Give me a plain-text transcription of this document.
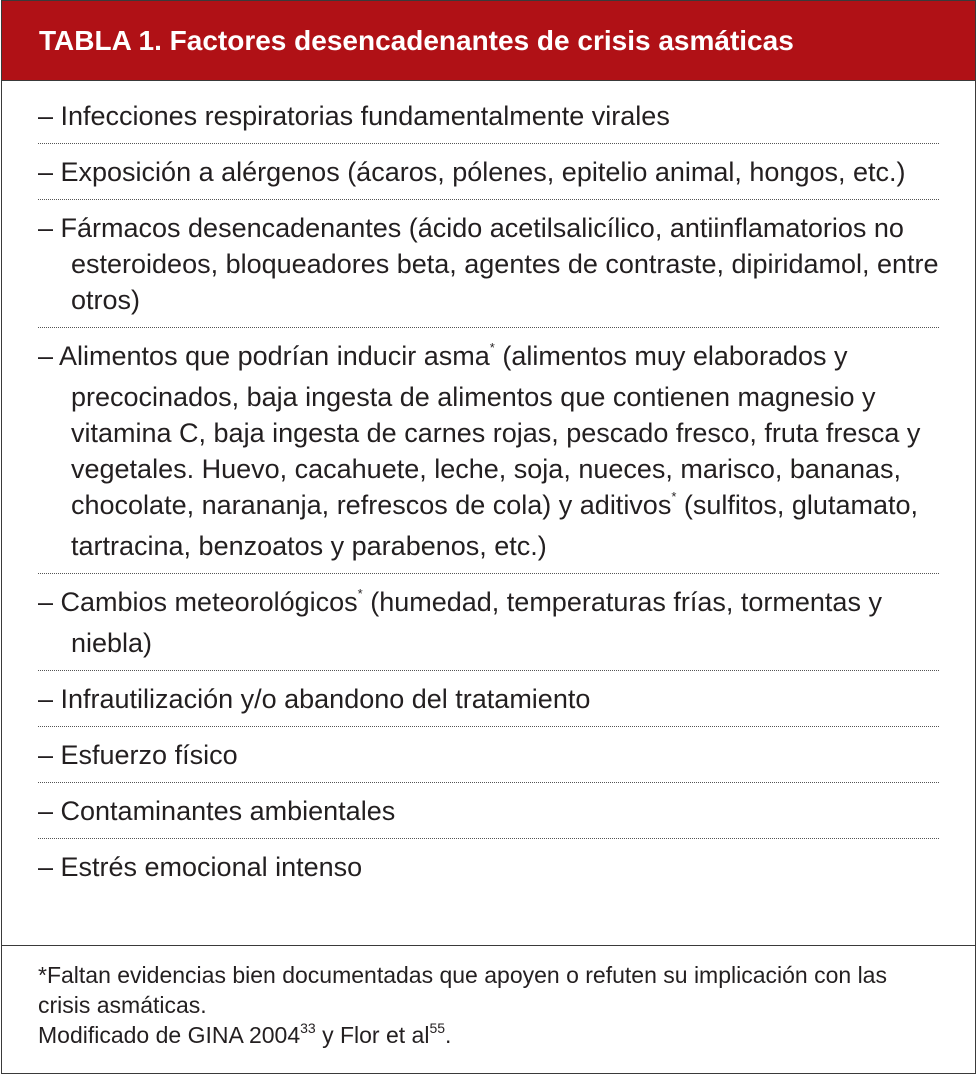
TABLA 1. Factores desencadenantes de crisis asmáticas

– Infecciones respiratorias fundamentalmente virales

– Exposición a alérgenos (ácaros, pólenes, epitelio animal, hongos, etc.)

– Fármacos desencadenantes (ácido acetilsalicílico, antiinflamatorios no esteroideos, bloqueadores beta, agentes de contraste, dipiridamol, entre otros)

– Alimentos que podrían inducir asma* (alimentos muy elaborados y precocinados, baja ingesta de alimentos que contienen magnesio y vitamina C, baja ingesta de carnes rojas, pescado fresco, fruta fresca y vegetales. Huevo, cacahuete, leche, soja, nueces, marisco, bananas, chocolate, narananja, refrescos de cola) y aditivos* (sulfitos, glutamato, tartracina, benzoatos y parabenos, etc.)

– Cambios meteorológicos* (humedad, temperaturas frías, tormentas y niebla)

– Infrautilización y/o abandono del tratamiento

– Esfuerzo físico

– Contaminantes ambientales

– Estrés emocional intenso

*Faltan evidencias bien documentadas que apoyen o refuten su implicación con las crisis asmáticas.
Modificado de GINA 2004$^{33}$ y Flor et $al^{55}$.
